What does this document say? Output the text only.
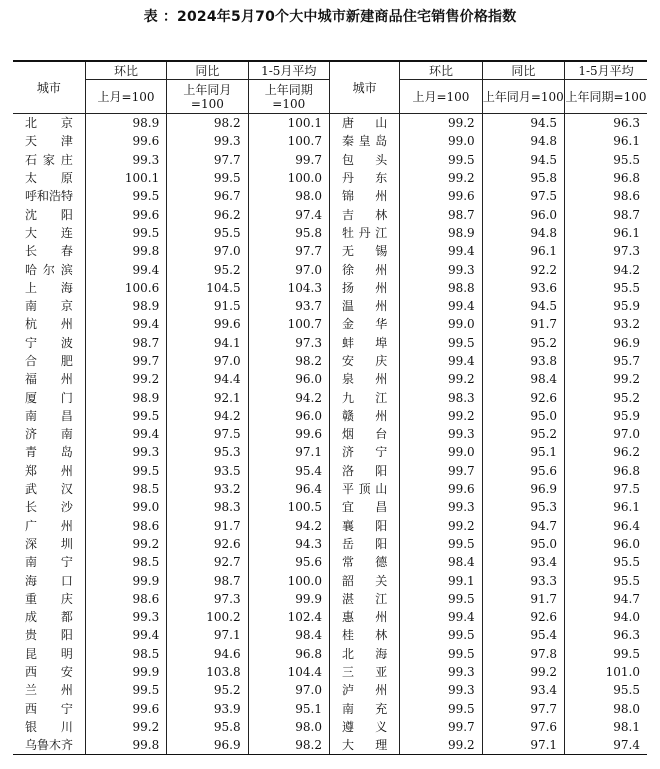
表 ：2024年5月70个大中城市新建商品住宅销售价格指数
城市	环比	同比	1-5月平均	城市	环比	同比	1-5月平均
	上月=100	上年同月=100	上年同期=100		上月=100	上年同月=100	上年同期=100
北京	98.9	98.2	100.1	唐山	99.2	94.5	96.3
天津	99.6	99.3	100.7	秦皇岛	99.0	94.8	96.1
石家庄	99.3	97.7	99.7	包头	99.5	94.5	95.5
太原	100.1	99.5	100.0	丹东	99.2	95.8	96.8
呼和浩特	99.5	96.7	98.0	锦州	99.6	97.5	98.6
沈阳	99.6	96.2	97.4	吉林	98.7	96.0	98.7
大连	99.5	95.5	95.8	牡丹江	98.9	94.8	96.1
长春	99.8	97.0	97.7	无锡	99.4	96.1	97.3
哈尔滨	99.4	95.2	97.0	徐州	99.3	92.2	94.2
上海	100.6	104.5	104.3	扬州	98.8	93.6	95.5
南京	98.9	91.5	93.7	温州	99.4	94.5	95.9
杭州	99.4	99.6	100.7	金华	99.0	91.7	93.2
宁波	98.7	94.1	97.3	蚌埠	99.5	95.2	96.9
合肥	99.7	97.0	98.2	安庆	99.4	93.8	95.7
福州	99.2	94.4	96.0	泉州	99.2	98.4	99.2
厦门	98.9	92.1	94.2	九江	98.3	92.6	95.2
南昌	99.5	94.2	96.0	赣州	99.2	95.0	95.9
济南	99.4	97.5	99.6	烟台	99.3	95.2	97.0
青岛	99.3	95.3	97.1	济宁	99.0	95.1	96.2
郑州	99.5	93.5	95.4	洛阳	99.7	95.6	96.8
武汉	98.5	93.2	96.4	平顶山	99.6	96.9	97.5
长沙	99.0	98.3	100.5	宜昌	99.3	95.3	96.1
广州	98.6	91.7	94.2	襄阳	99.2	94.7	96.4
深圳	99.2	92.6	94.3	岳阳	99.5	95.0	96.0
南宁	98.5	92.7	95.6	常德	98.4	93.4	95.5
海口	99.9	98.7	100.0	韶关	99.1	93.3	95.5
重庆	98.6	97.3	99.9	湛江	99.5	91.7	94.7
成都	99.3	100.2	102.4	惠州	99.4	92.6	94.0
贵阳	99.4	97.1	98.4	桂林	99.5	95.4	96.3
昆明	98.5	94.6	96.8	北海	99.5	97.8	99.5
西安	99.9	103.8	104.4	三亚	99.3	99.2	101.0
兰州	99.5	95.2	97.0	泸州	99.3	93.4	95.5
西宁	99.6	93.9	95.1	南充	99.5	97.7	98.0
银川	99.2	95.8	98.0	遵义	99.7	97.6	98.1
乌鲁木齐	99.8	96.9	98.2	大理	99.2	97.1	97.4
